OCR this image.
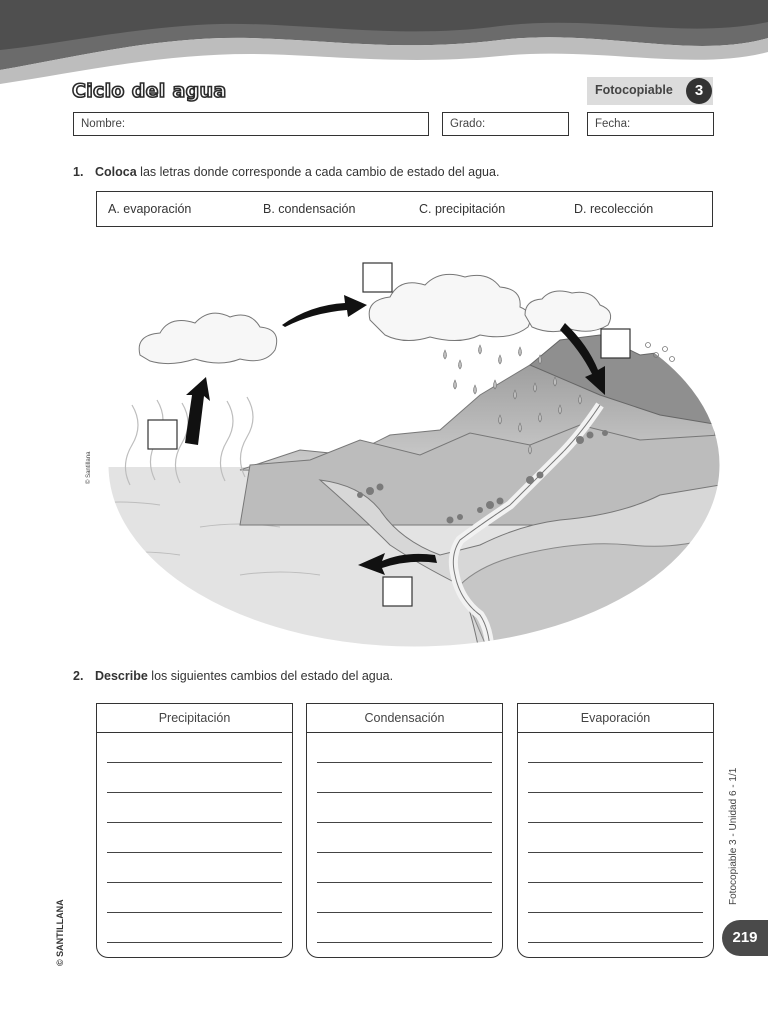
Ciclo del agua	Fotocopiable	3
Nombre:	Grado:	Fecha:
1. Coloca las letras donde corresponde a cada cambio de estado del agua.
A. evaporación	B. condensación	C. precipitación	D. recolección
© Santillana
2. Describe los siguientes cambios del estado del agua.
Precipitación	Condensación	Evaporación
Fotocopiable 3 - Unidad 6 - 1/1
© SANTILLANA	219
